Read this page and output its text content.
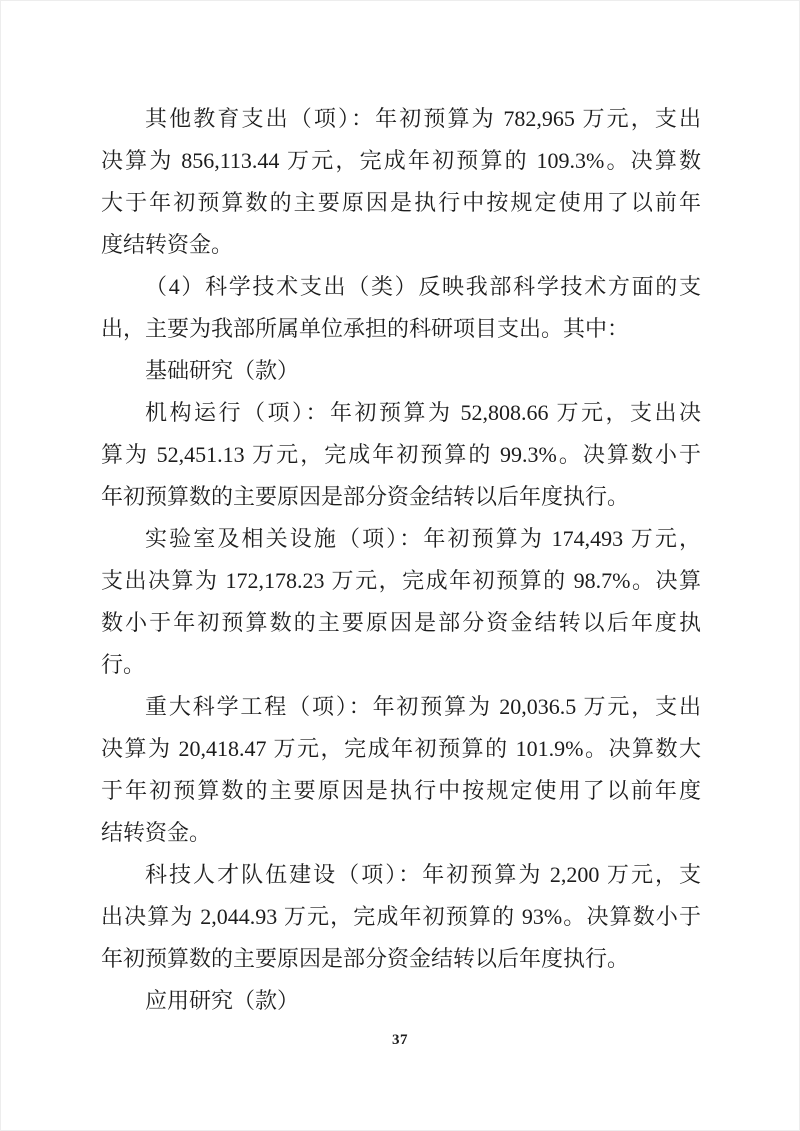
其他教育支出（项）：年初预算为 782,965 万元，支出
决算为 856,113.44 万元，完成年初预算的 109.3%。决算数
大于年初预算数的主要原因是执行中按规定使用了以前年
度结转资金。
（4）科学技术支出（类）反映我部科学技术方面的支
出，主要为我部所属单位承担的科研项目支出。其中：
基础研究（款）
机构运行（项）：年初预算为 52,808.66 万元，支出决
算为 52,451.13 万元，完成年初预算的 99.3%。决算数小于
年初预算数的主要原因是部分资金结转以后年度执行。
实验室及相关设施（项）：年初预算为 174,493 万元，
支出决算为 172,178.23 万元，完成年初预算的 98.7%。决算
数小于年初预算数的主要原因是部分资金结转以后年度执
行。
重大科学工程（项）：年初预算为 20,036.5 万元，支出
决算为 20,418.47 万元，完成年初预算的 101.9%。决算数大
于年初预算数的主要原因是执行中按规定使用了以前年度
结转资金。
科技人才队伍建设（项）：年初预算为 2,200 万元，支
出决算为 2,044.93 万元，完成年初预算的 93%。决算数小于
年初预算数的主要原因是部分资金结转以后年度执行。
应用研究（款）
37
